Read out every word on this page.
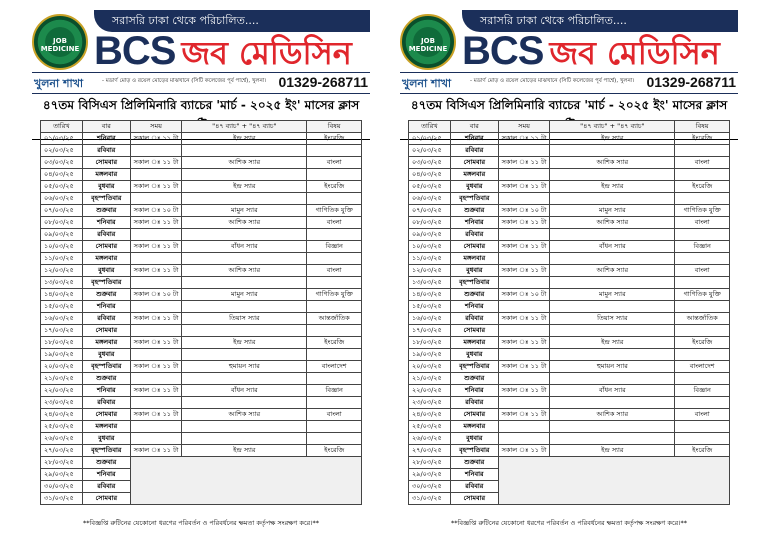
JOB MEDICINE
সরাসরি ঢাকা থেকে পরিচালিত....
BCS জব মেডিসিন
খুলনা শাখা	- মডার্ণ মোড় ও রয়েল মোড়ের মাঝখানে (সিটি কলেজের পূর্ব পার্শ্বে), খুলনা। 01329-268711
৪৭তম বিসিএস প্রিলিমিনারি ব্যাচের 'মার্চ - ২০২৫ ইং' মাসের ক্লাস
তারিখ	বার	সময়	"৪৭ ব্যাচ" + "৪৭ ব্যাচ"	বিষয়
০১/০৩/২৫	শনিবার	সকাল ঃ ১১ টা	ইন্দ্র স্যার	ইংরেজি
০২/০৩/২৫	রবিবার			
০৩/০৩/২৫	সোমবার	সকাল ঃ ১১ টা	আশিক স্যার	বাংলা
০৪/০৩/২৫	মঙ্গলবার			
০৫/০৩/২৫	বুধবার	সকাল ঃ ১১ টা	ইন্দ্র স্যার	ইংরেজি
০৬/০৩/২৫	বৃহস্পতিবার			
০৭/০৩/২৫	শুক্রবার	সকাল ঃ ১০ টা	মামুন স্যার	গাণিতিক যুক্তি
০৮/০৩/২৫	শনিবার	সকাল ঃ ১১ টা	আশিক স্যার	বাংলা
০৯/০৩/২৫	রবিবার			
১০/০৩/২৫	সোমবার	সকাল ঃ ১১ টা	বাঁধন স্যার	বিজ্ঞান
১১/০৩/২৫	মঙ্গলবার			
১২/০৩/২৫	বুধবার	সকাল ঃ ১১ টা	আশিক স্যার	বাংলা
১৩/০৩/২৫	বৃহস্পতিবার			
১৪/০৩/২৫	শুক্রবার	সকাল ঃ ১০ টা	মামুন স্যার	গাণিতিক যুক্তি
১৫/০৩/২৫	শনিবার			
১৬/০৩/২৫	রবিবার	সকাল ঃ ১১ টা	তিয়াস স্যার	আন্তর্জাতিক
১৭/০৩/২৫	সোমবার			
১৮/০৩/২৫	মঙ্গলবার	সকাল ঃ ১১ টা	ইন্দ্র স্যার	ইংরেজি
১৯/০৩/২৫	বুধবার			
২০/০৩/২৫	বৃহস্পতিবার	সকাল ঃ ১১ টা	হুমায়ন স্যার	বাংলাদেশ
২১/০৩/২৫	শুক্রবার			
২২/০৩/২৫	শনিবার	সকাল ঃ ১১ টা	বাঁধন স্যার	বিজ্ঞান
২৩/০৩/২৫	রবিবার			
২৪/০৩/২৫	সোমবার	সকাল ঃ ১১ টা	আশিক স্যার	বাংলা
২৫/০৩/২৫	মঙ্গলবার			
২৬/০৩/২৫	বুধবার			
২৭/০৩/২৫	বৃহস্পতিবার	সকাল ঃ ১১ টা	ইন্দ্র স্যার	ইংরেজি
২৮/০৩/২৫	শুক্রবার			
২৯/০৩/২৫	শনিবার			
৩০/০৩/২৫	রবিবার			
৩১/০৩/২৫	সোমবার			
**বিজ্ঞপ্তি রুটিনের যেকোনো ধরণের পরিবর্তন ও পরিবর্ধনের ক্ষমতা কর্তৃপক্ষ সংরক্ষণ করে।**
JOB MEDICINE
সরাসরি ঢাকা থেকে পরিচালিত....
BCS জব মেডিসিন
খুলনা শাখা	- মডার্ণ মোড় ও রয়েল মোড়ের মাঝখানে (সিটি কলেজের পূর্ব পার্শ্বে), খুলনা। 01329-268711
৪৭তম বিসিএস প্রিলিমিনারি ব্যাচের 'মার্চ - ২০২৫ ইং' মাসের ক্লাস
তারিখ	বার	সময়	"৪৭ ব্যাচ" + "৪৭ ব্যাচ"	বিষয়
০১/০৩/২৫	শনিবার	সকাল ঃ ১১ টা	ইন্দ্র স্যার	ইংরেজি
০২/০৩/২৫	রবিবার			
০৩/০৩/২৫	সোমবার	সকাল ঃ ১১ টা	আশিক স্যার	বাংলা
০৪/০৩/২৫	মঙ্গলবার			
০৫/০৩/২৫	বুধবার	সকাল ঃ ১১ টা	ইন্দ্র স্যার	ইংরেজি
০৬/০৩/২৫	বৃহস্পতিবার			
০৭/০৩/২৫	শুক্রবার	সকাল ঃ ১০ টা	মামুন স্যার	গাণিতিক যুক্তি
০৮/০৩/২৫	শনিবার	সকাল ঃ ১১ টা	আশিক স্যার	বাংলা
০৯/০৩/২৫	রবিবার			
১০/০৩/২৫	সোমবার	সকাল ঃ ১১ টা	বাঁধন স্যার	বিজ্ঞান
১১/০৩/২৫	মঙ্গলবার			
১২/০৩/২৫	বুধবার	সকাল ঃ ১১ টা	আশিক স্যার	বাংলা
১৩/০৩/২৫	বৃহস্পতিবার			
১৪/০৩/২৫	শুক্রবার	সকাল ঃ ১০ টা	মামুন স্যার	গাণিতিক যুক্তি
১৫/০৩/২৫	শনিবার			
১৬/০৩/২৫	রবিবার	সকাল ঃ ১১ টা	তিয়াস স্যার	আন্তর্জাতিক
১৭/০৩/২৫	সোমবার			
১৮/০৩/২৫	মঙ্গলবার	সকাল ঃ ১১ টা	ইন্দ্র স্যার	ইংরেজি
১৯/০৩/২৫	বুধবার			
২০/০৩/২৫	বৃহস্পতিবার	সকাল ঃ ১১ টা	হুমায়ন স্যার	বাংলাদেশ
২১/০৩/২৫	শুক্রবার			
২২/০৩/২৫	শনিবার	সকাল ঃ ১১ টা	বাঁধন স্যার	বিজ্ঞান
২৩/০৩/২৫	রবিবার			
২৪/০৩/২৫	সোমবার	সকাল ঃ ১১ টা	আশিক স্যার	বাংলা
২৫/০৩/২৫	মঙ্গলবার			
২৬/০৩/২৫	বুধবার			
২৭/০৩/২৫	বৃহস্পতিবার	সকাল ঃ ১১ টা	ইন্দ্র স্যার	ইংরেজি
২৮/০৩/২৫	শুক্রবার			
২৯/০৩/২৫	শনিবার			
৩০/০৩/২৫	রবিবার			
৩১/০৩/২৫	সোমবার			
**বিজ্ঞপ্তি রুটিনের যেকোনো ধরণের পরিবর্তন ও পরিবর্ধনের ক্ষমতা কর্তৃপক্ষ সংরক্ষণ করে।**
